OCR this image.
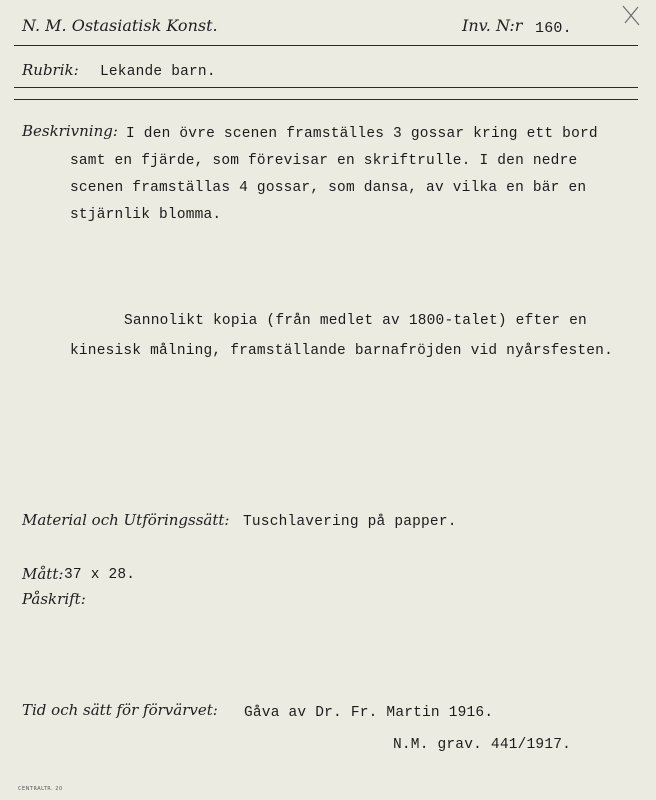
N. M. Ostasiatisk Konst.	Inv. N:r 160.
Rubrik: Lekande barn.
Beskrivning: I den övre scenen framställes 3 gossar kring ett bord
samt en fjärde, som förevisar en skriftrulle. I den nedre
scenen framställas 4 gossar, som dansa, av vilka en bär en
stjärnlik blomma.
Sannolikt kopia (från medlet av 1800-talet) efter en
kinesisk målning, framställande barnafröjden vid nyårsfesten.
Material och Utföringssätt: Tuschlavering på papper.
Mått: 37 x 28.
Påskrift:
Tid och sätt för förvärvet: Gåva av Dr. Fr. Martin 1916.
N.M. grav. 441/1917.
CENTRALTR. 20
